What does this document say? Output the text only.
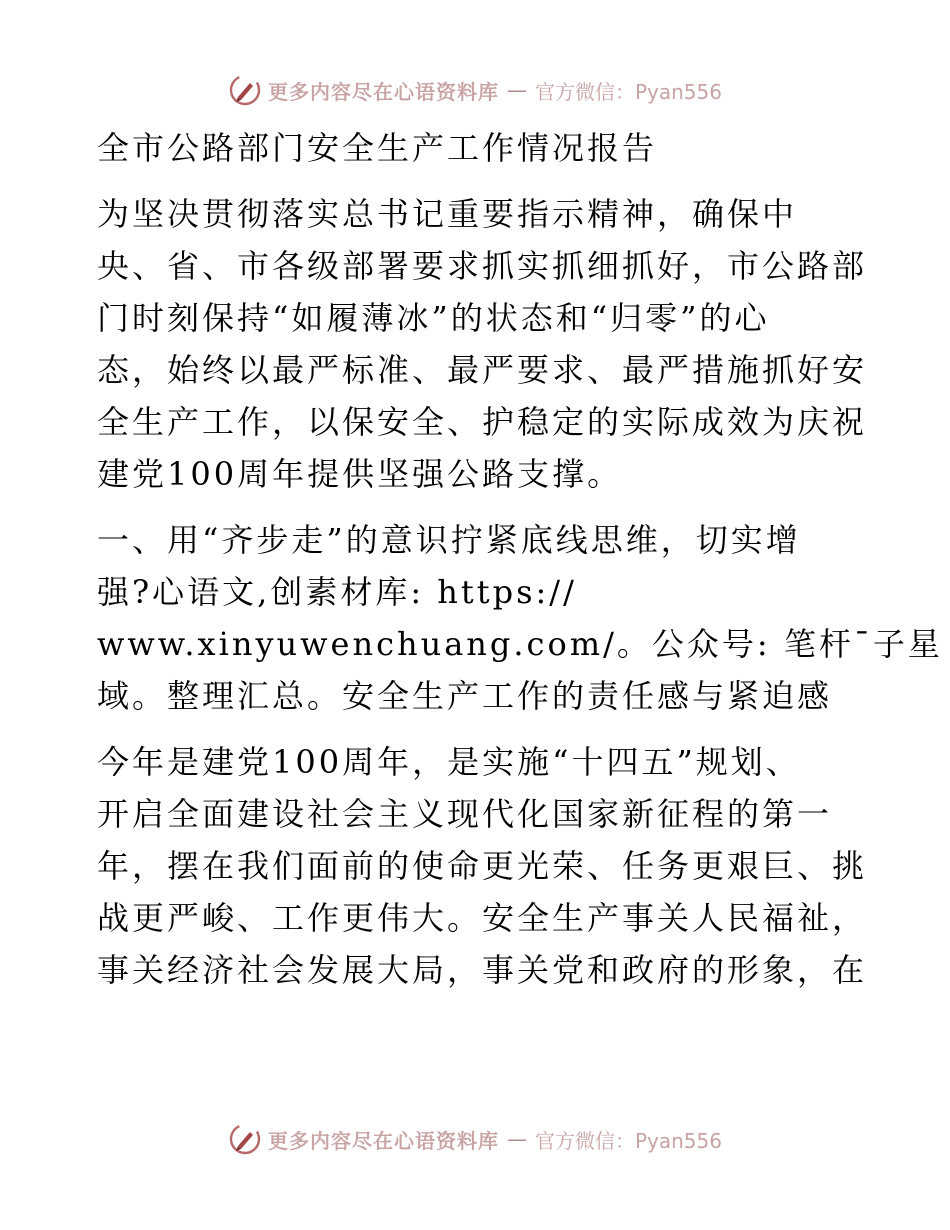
更多内容尽在心语资料库 — 官方微信：Pyan556
全市公路部门安全生产工作情况报告
为坚决贯彻落实总书记重要指示精神，确保中
央、省、市各级部署要求抓实抓细抓好，市公路部
门时刻保持“如履薄冰”的状态和“归零”的心
态，始终以最严标准、最严要求、最严措施抓好安
全生产工作，以保安全、护稳定的实际成效为庆祝
建党100周年提供坚强公路支撑。
一、用“齐步走”的意识拧紧底线思维，切实增
强?心语文,创素材库: https://
www.xinyuwenchuang.com/。公众号: 笔杆¯子星
域。整理汇总。安全生产工作的责任感与紧迫感
今年是建党100周年，是实施“十四五”规划、
开启全面建设社会主义现代化国家新征程的第一
年，摆在我们面前的使命更光荣、任务更艰巨、挑
战更严峻、工作更伟大。安全生产事关人民福祉，
事关经济社会发展大局，事关党和政府的形象，在
更多内容尽在心语资料库 — 官方微信：Pyan556
